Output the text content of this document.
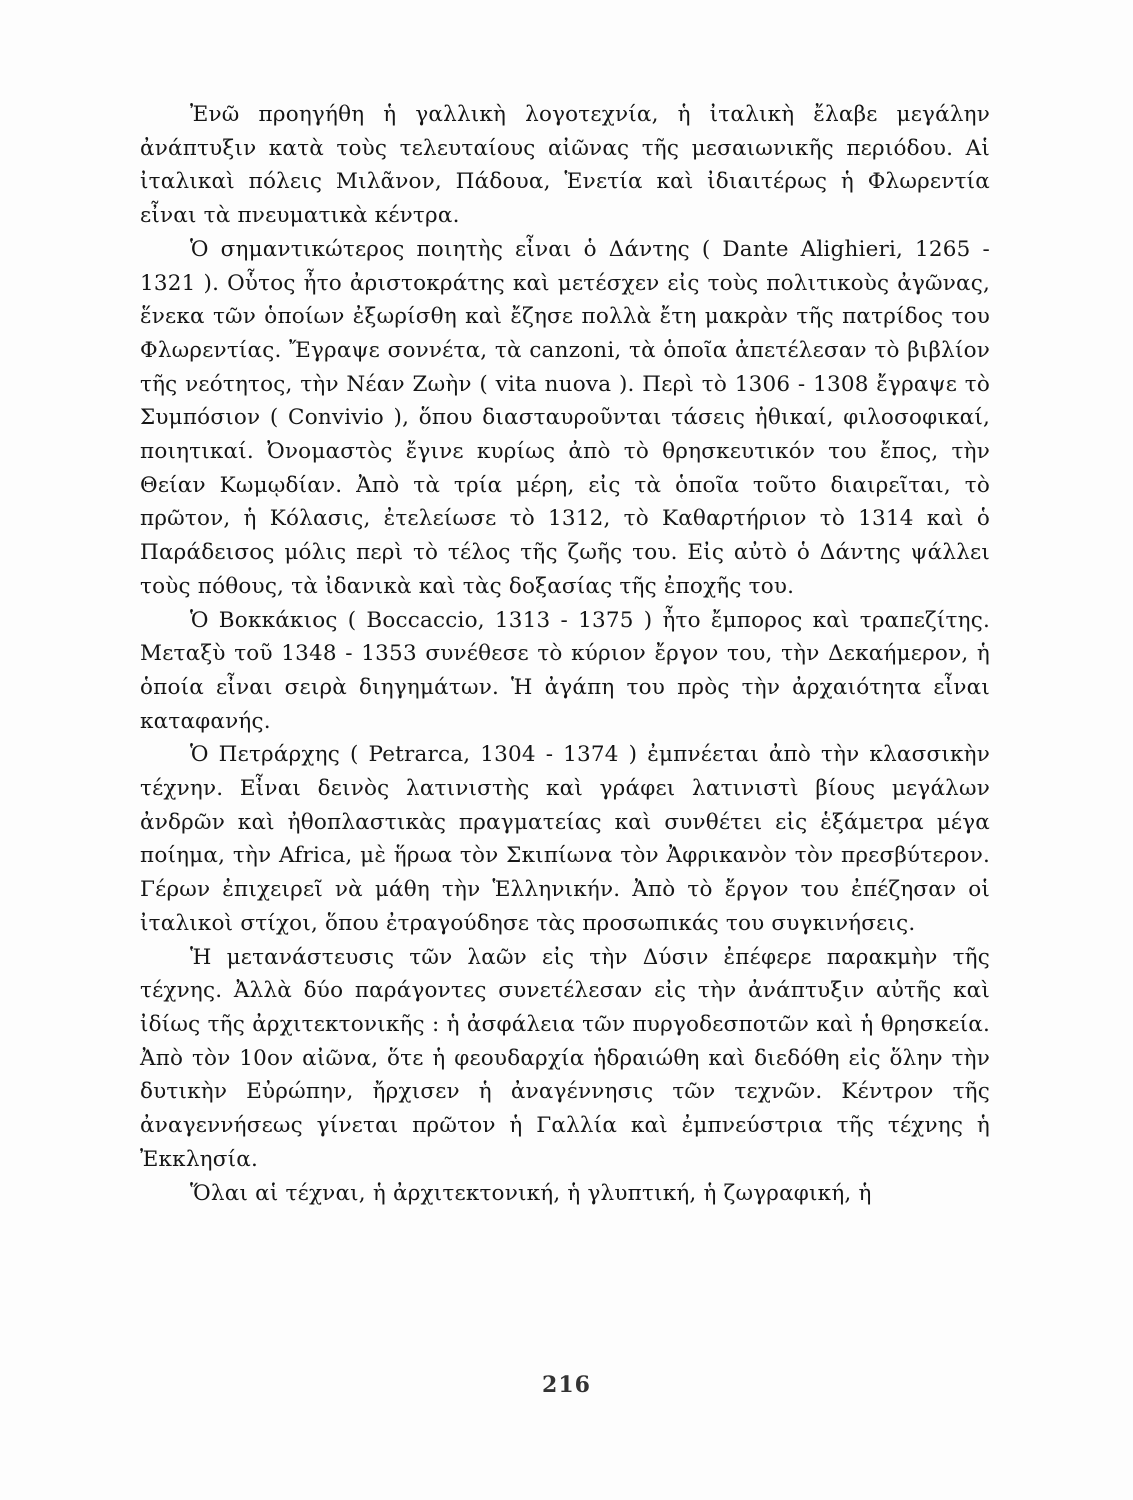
Ἐνῶ προηγήθη ἡ γαλλικὴ λογοτεχνία, ἡ ἰταλικὴ ἔλαβε μεγάλην ἀνάπτυξιν κατὰ τοὺς τελευταίους αἰῶνας τῆς μεσαιωνικῆς περιόδου. Αἱ ἰταλικαὶ πόλεις Μιλᾶνον, Πάδουα, Ἑνετία καὶ ἰδιαιτέρως ἡ Φλωρεντία εἶναι τὰ πνευματικὰ κέντρα.

Ὁ σημαντικώτερος ποιητὴς εἶναι ὁ Δάντης ( Dante Alighieri, 1265 - 1321 ). Οὗτος ἦτο ἀριστοκράτης καὶ μετέσχεν εἰς τοὺς πολιτικοὺς ἀγῶνας, ἕνεκα τῶν ὁποίων ἐξωρίσθη καὶ ἔζησε πολλὰ ἔτη μακρὰν τῆς πατρίδος του Φλωρεντίας. Ἔγραψε σοννέτα, τὰ canzoni, τὰ ὁποῖα ἀπετέλεσαν τὸ βιβλίον τῆς νεότητος, τὴν Νέαν Ζωὴν ( vita nuova ). Περὶ τὸ 1306 - 1308 ἔγραψε τὸ Συμπόσιον ( Convivio ), ὅπου διασταυροῦνται τάσεις ἠθικαί, φιλοσοφικαί, ποιητικαί. Ὀνομαστὸς ἔγινε κυρίως ἀπὸ τὸ θρησκευτικόν του ἔπος, τὴν Θείαν Κωμῳδίαν. Ἀπὸ τὰ τρία μέρη, εἰς τὰ ὁποῖα τοῦτο διαιρεῖται, τὸ πρῶτον, ἡ Κόλασις, ἐτελείωσε τὸ 1312, τὸ Καθαρτήριον τὸ 1314 καὶ ὁ Παράδεισος μόλις περὶ τὸ τέλος τῆς ζωῆς του. Εἰς αὐτὸ ὁ Δάντης ψάλλει τοὺς πόθους, τὰ ἰδανικὰ καὶ τὰς δοξασίας τῆς ἐποχῆς του.

Ὁ Βοκκάκιος ( Boccaccio, 1313 - 1375 ) ἦτο ἔμπορος καὶ τραπεζίτης. Μεταξὺ τοῦ 1348 - 1353 συνέθεσε τὸ κύριον ἔργον του, τὴν Δεκαήμερον, ἡ ὁποία εἶναι σειρὰ διηγημάτων. Ἡ ἀγάπη του πρὸς τὴν ἀρχαιότητα εἶναι καταφανής.

Ὁ Πετράρχης ( Petrarca, 1304 - 1374 ) ἐμπνέεται ἀπὸ τὴν κλασσικὴν τέχνην. Εἶναι δεινὸς λατινιστὴς καὶ γράφει λατινιστὶ βίους μεγάλων ἀνδρῶν καὶ ἠθοπλαστικὰς πραγματείας καὶ συνθέτει εἰς ἑξάμετρα μέγα ποίημα, τὴν Africa, μὲ ἥρωα τὸν Σκιπίωνα τὸν Ἀφρικανὸν τὸν πρεσβύτερον. Γέρων ἐπιχειρεῖ νὰ μάθη τὴν Ἑλληνικήν. Ἀπὸ τὸ ἔργον του ἐπέζησαν οἱ ἰταλικοὶ στίχοι, ὅπου ἐτραγούδησε τὰς προσωπικάς του συγκινήσεις.

Ἡ μετανάστευσις τῶν λαῶν εἰς τὴν Δύσιν ἐπέφερε παρακμὴν τῆς τέχνης. Ἀλλὰ δύο παράγοντες συνετέλεσαν εἰς τὴν ἀνάπτυξιν αὐτῆς καὶ ἰδίως τῆς ἀρχιτεκτονικῆς : ἡ ἀσφάλεια τῶν πυργοδεσποτῶν καὶ ἡ θρησκεία. Ἀπὸ τὸν 10ον αἰῶνα, ὅτε ἡ φεουδαρχία ἡδραιώθη καὶ διεδόθη εἰς ὅλην τὴν δυτικὴν Εὐρώπην, ἤρχισεν ἡ ἀναγέννησις τῶν τεχνῶν. Κέντρον τῆς ἀναγεννήσεως γίνεται πρῶτον ἡ Γαλλία καὶ ἐμπνεύστρια τῆς τέχνης ἡ Ἐκκλησία.

Ὅλαι αἱ τέχναι, ἡ ἀρχιτεκτονική, ἡ γλυπτική, ἡ ζωγραφική, ἡ

216
